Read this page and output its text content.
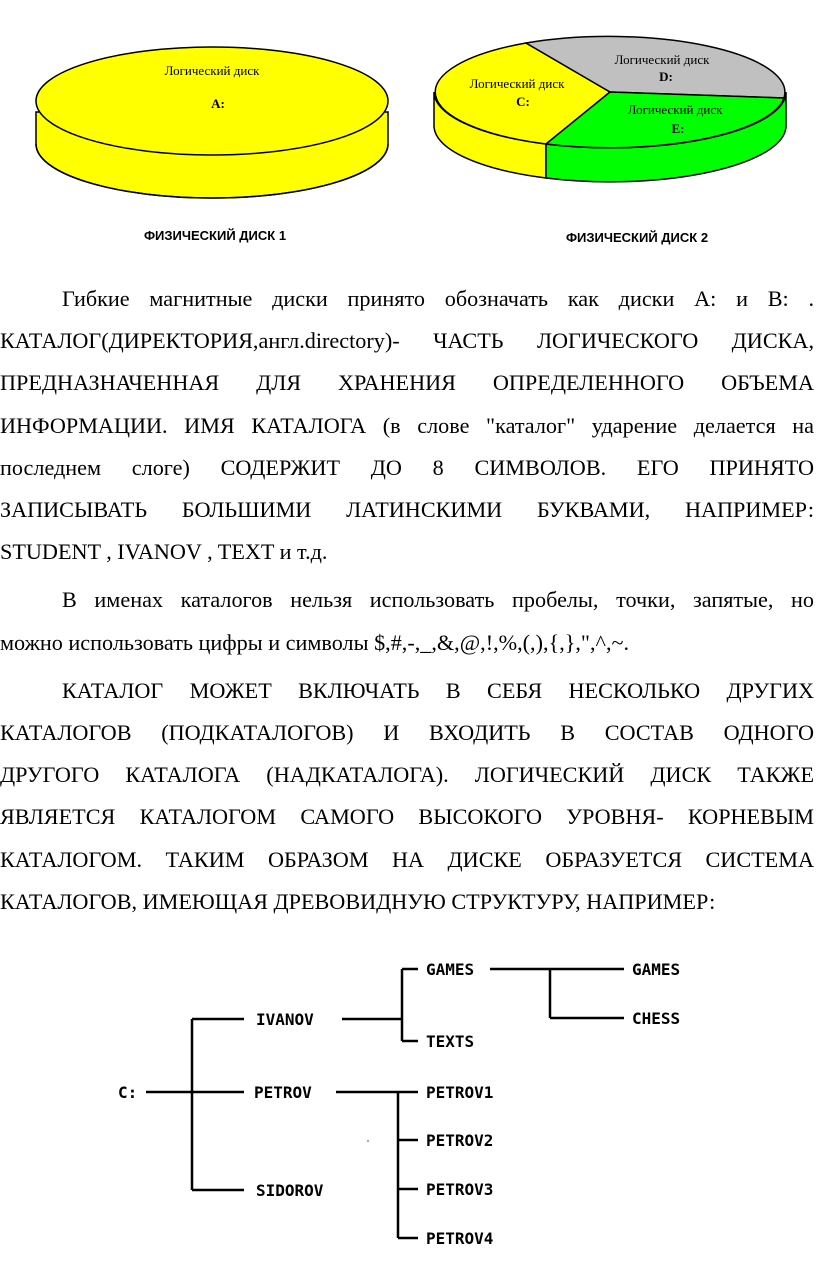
Логический диск
A:
ФИЗИЧЕСКИЙ ДИСК 1
Логический диск
C:
Логический диск
D:
Логический диск
E:
ФИЗИЧЕСКИЙ ДИСК 2

Гибкие магнитные диски принято обозначать как диски A: и B: .
КАТАЛОГ(ДИРЕКТОРИЯ,англ.directory)- ЧАСТЬ ЛОГИЧЕСКОГО ДИСКА,
ПРЕДНАЗНАЧЕННАЯ ДЛЯ ХРАНЕНИЯ ОПРЕДЕЛЕННОГО ОБЪЕМА
ИНФОРМАЦИИ. ИМЯ КАТАЛОГА (в слове "каталог" ударение делается на
последнем слоге) СОДЕРЖИТ ДО 8 СИМВОЛОВ. ЕГО ПРИНЯТО
ЗАПИСЫВАТЬ БОЛЬШИМИ ЛАТИНСКИМИ БУКВАМИ, НАПРИМЕР:
STUDENT , IVANOV , TEXT и т.д.

В именах каталогов нельзя использовать пробелы, точки, запятые, но
можно использовать цифры и символы $,#,-,_,&,@,!,%,(,),{,},",^,~.

КАТАЛОГ МОЖЕТ ВКЛЮЧАТЬ В СЕБЯ НЕСКОЛЬКО ДРУГИХ
КАТАЛОГОВ (ПОДКАТАЛОГОВ) И ВХОДИТЬ В СОСТАВ ОДНОГО
ДРУГОГО КАТАЛОГА (НАДКАТАЛОГА). ЛОГИЧЕСКИЙ ДИСК ТАКЖЕ
ЯВЛЯЕТСЯ КАТАЛОГОМ САМОГО ВЫСОКОГО УРОВНЯ- КОРНЕВЫМ
КАТАЛОГОМ. ТАКИМ ОБРАЗОМ НА ДИСКЕ ОБРАЗУЕТСЯ СИСТЕМА
КАТАЛОГОВ, ИМЕЮЩАЯ ДРЕВОВИДНУЮ СТРУКТУРУ, НАПРИМЕР:

C:
IVANOV
PETROV
SIDOROV
GAMES
TEXTS
GAMES
CHESS
PETROV1
PETROV2
PETROV3
PETROV4
